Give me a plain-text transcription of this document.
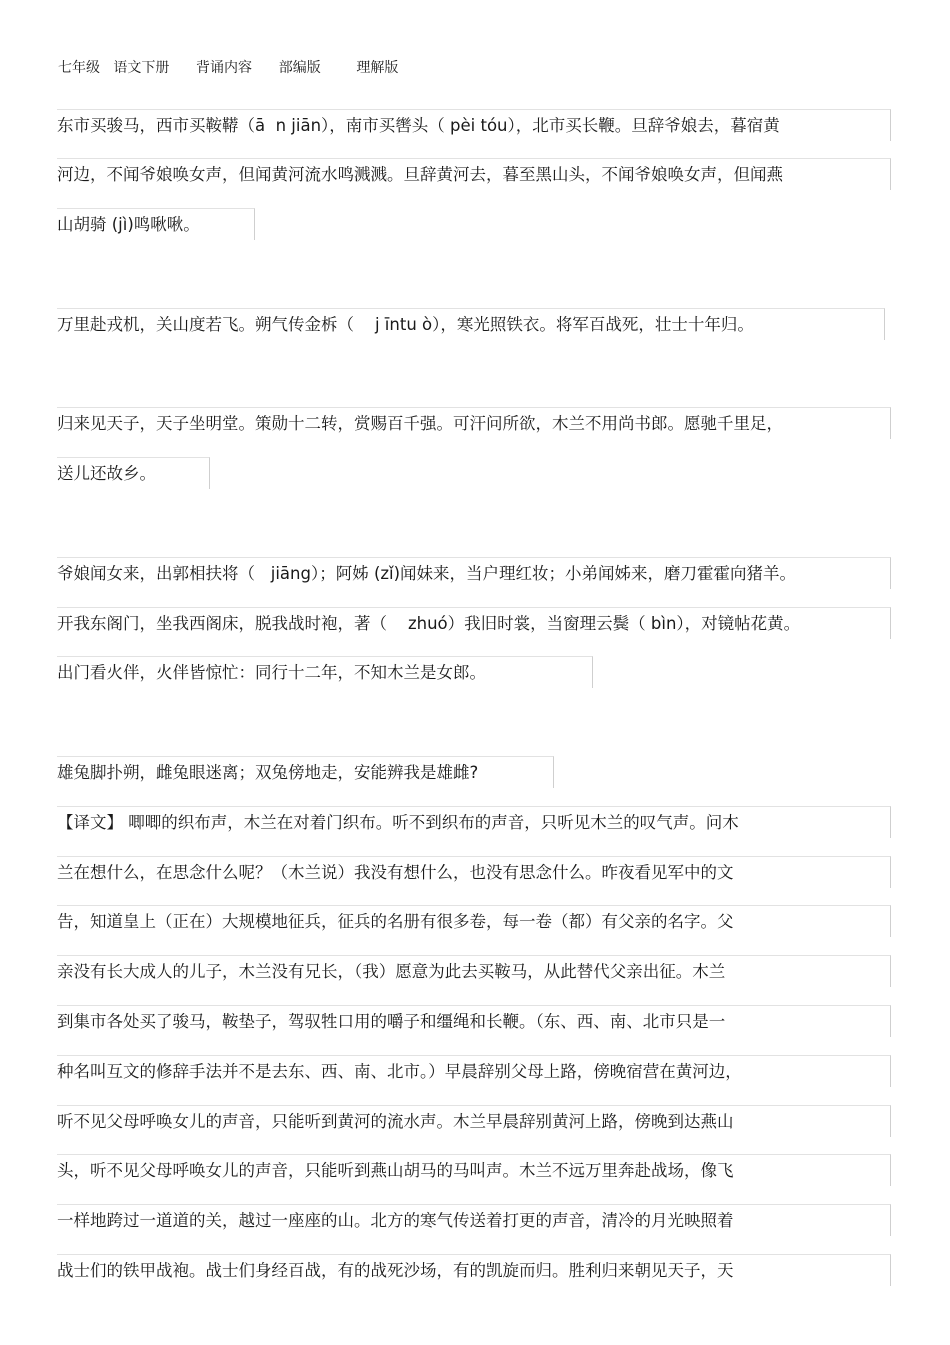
七年级   语文下册      背诵内容      部编版        理解版
东市买骏马，西市买鞍鞯（ā  n jiān），南市买辔头（ pèi tóu），北市买长鞭。旦辞爷娘去，暮宿黄
河边，不闻爷娘唤女声，但闻黄河流水鸣溅溅。旦辞黄河去，暮至黑山头，不闻爷娘唤女声，但闻燕
山胡骑 (jì)鸣啾啾。
万里赴戎机，关山度若飞。朔气传金柝（    j īntu ò），寒光照铁衣。将军百战死，壮士十年归。
归来见天子，天子坐明堂。策勋十二转，赏赐百千强。可汗问所欲，木兰不用尚书郎。愿驰千里足，
送儿还故乡。
爷娘闻女来，出郭相扶将（   jiāng）；阿姊 (zǐ)闻妹来，当户理红妆；小弟闻姊来，磨刀霍霍向猪羊。
开我东阁门，坐我西阁床，脱我战时袍，著（    zhuó）我旧时裳，当窗理云鬓（ bìn），对镜帖花黄。
出门看火伴，火伴皆惊忙：同行十二年，不知木兰是女郎。
雄兔脚扑朔，雌兔眼迷离；双兔傍地走，安能辨我是雄雌?
【译文】 唧唧的织布声，木兰在对着门织布。听不到织布的声音，只听见木兰的叹气声。问木
兰在想什么，在思念什么呢？（木兰说）我没有想什么，也没有思念什么。昨夜看见军中的文
告，知道皇上（正在）大规模地征兵，征兵的名册有很多卷，每一卷（都）有父亲的名字。父
亲没有长大成人的儿子，木兰没有兄长，（我）愿意为此去买鞍马，从此替代父亲出征。木兰
到集市各处买了骏马，鞍垫子，驾驭牲口用的嚼子和缰绳和长鞭。（东、西、南、北市只是一
种名叫互文的修辞手法并不是去东、西、南、北市。）早晨辞别父母上路，傍晚宿营在黄河边，
听不见父母呼唤女儿的声音，只能听到黄河的流水声。木兰早晨辞别黄河上路，傍晚到达燕山
头，听不见父母呼唤女儿的声音，只能听到燕山胡马的马叫声。木兰不远万里奔赴战场，像飞
一样地跨过一道道的关，越过一座座的山。北方的寒气传送着打更的声音，清冷的月光映照着
战士们的铁甲战袍。战士们身经百战，有的战死沙场，有的凯旋而归。胜利归来朝见天子，天
